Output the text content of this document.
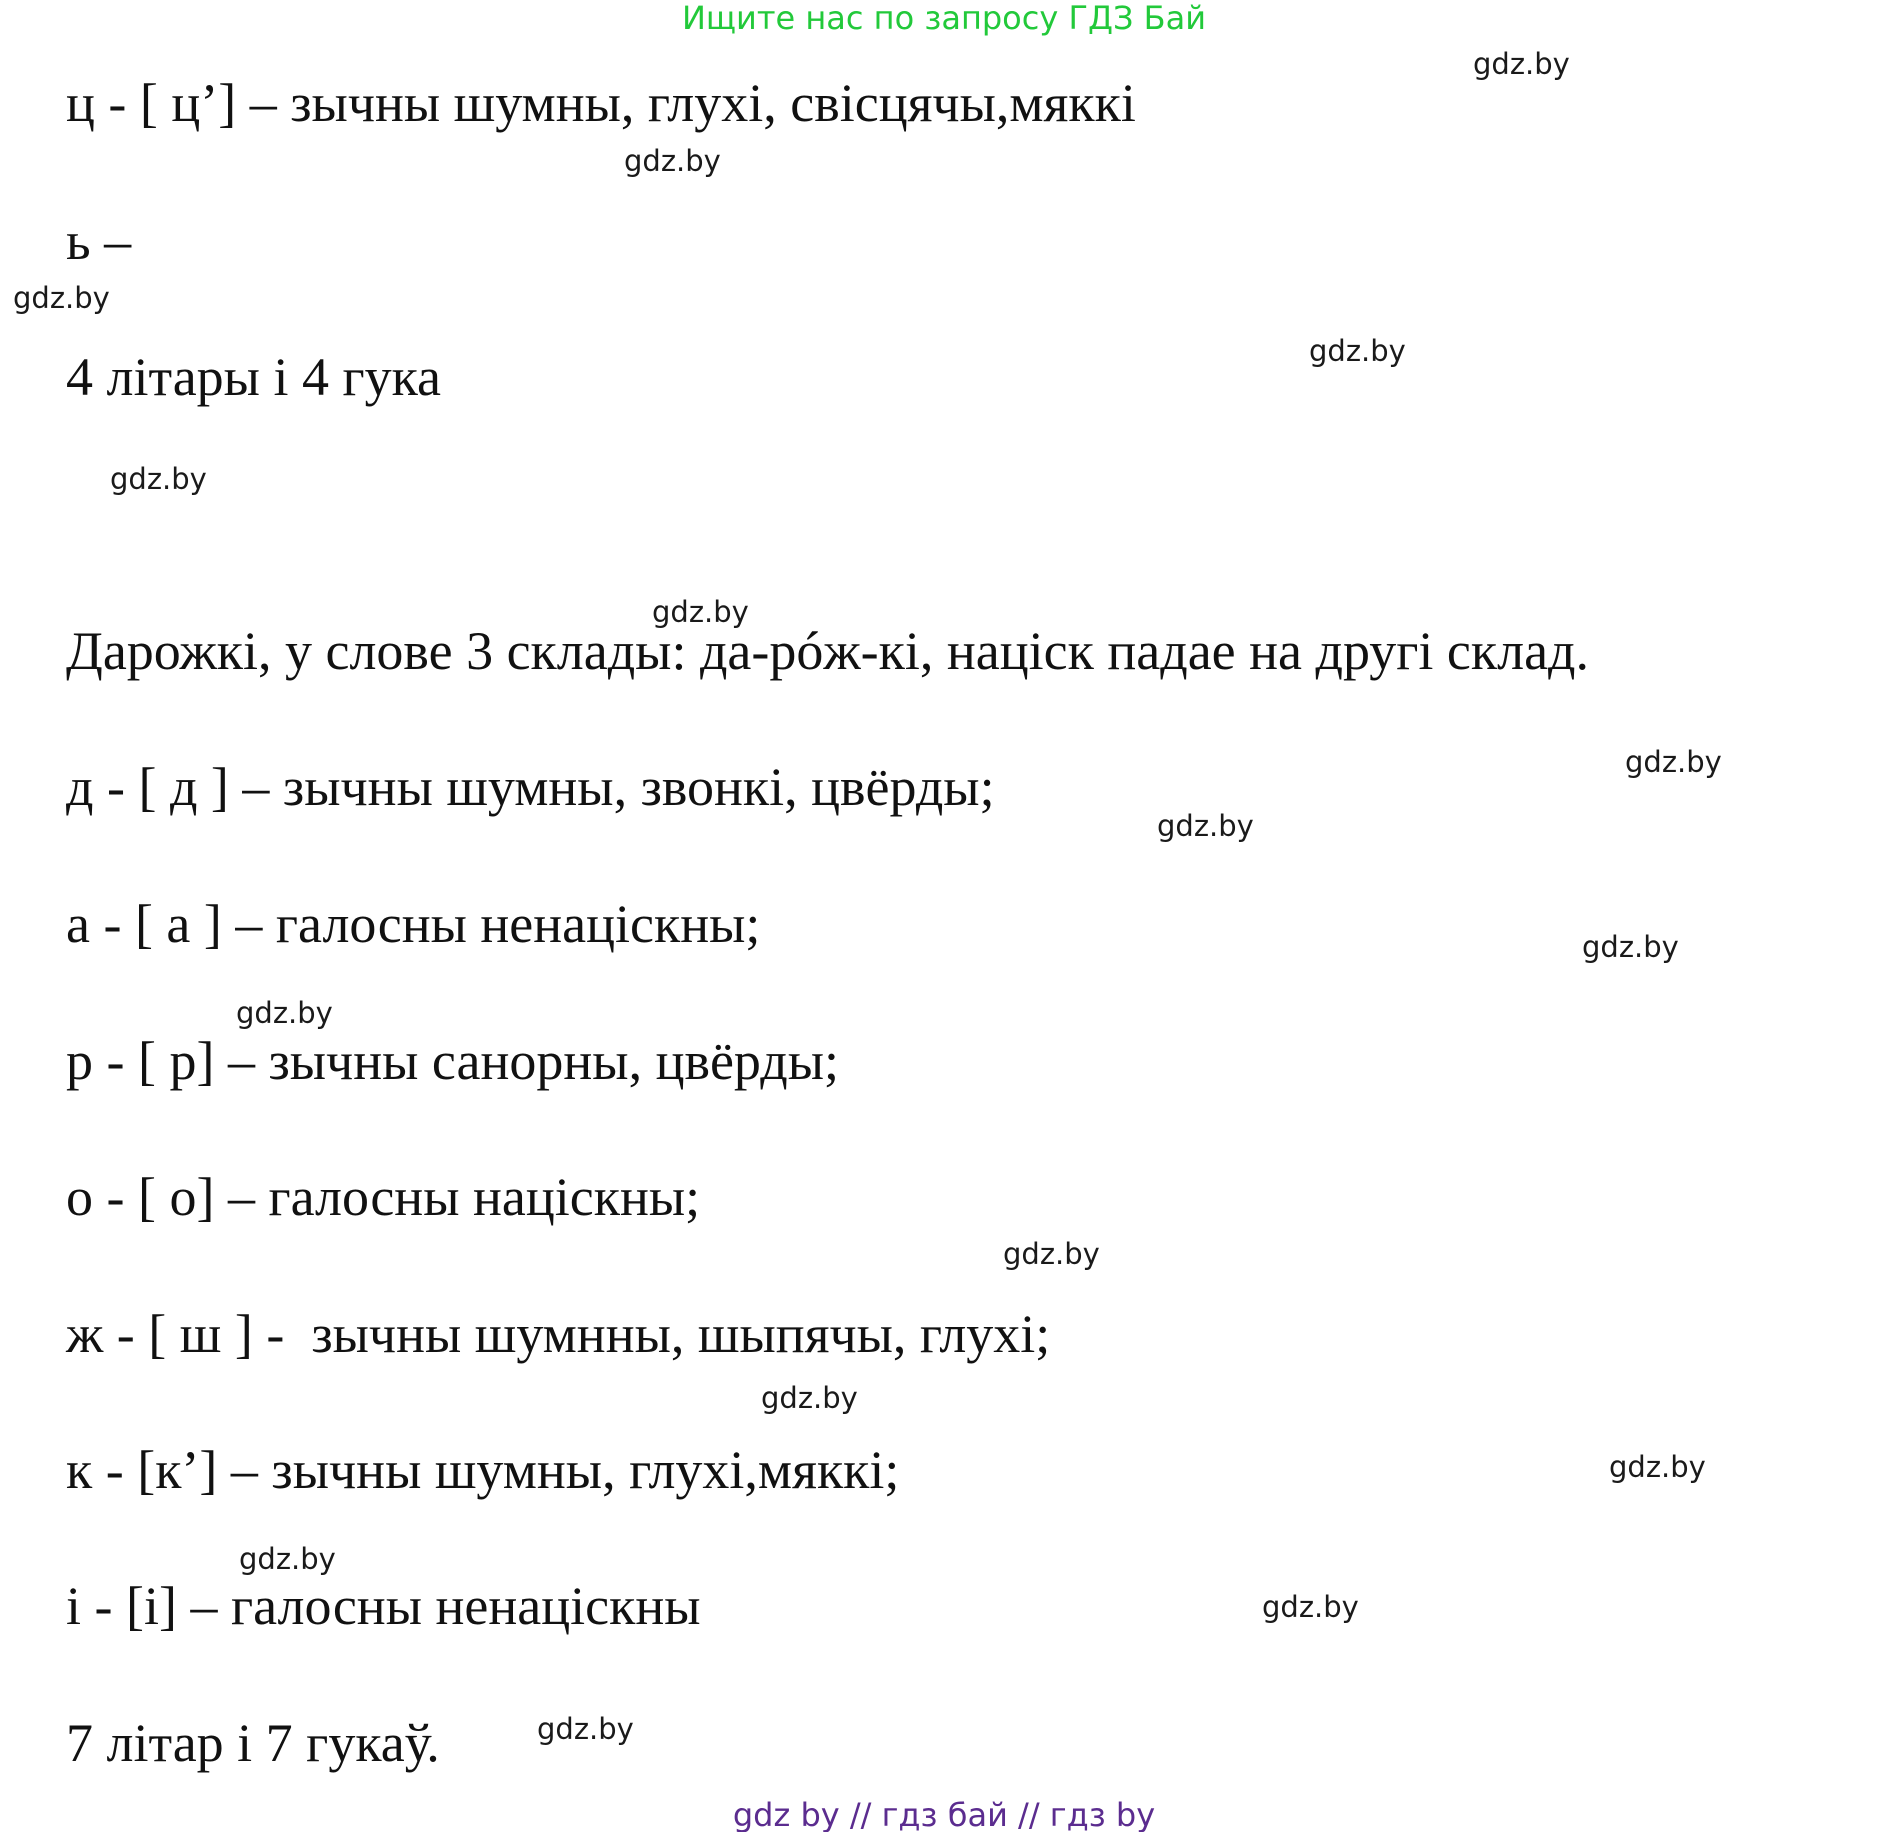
Ищите нас по запросу ГДЗ Бай
ц - [ ц’] – зычны шумны, глухі, свісцячы,мяккі
ь –
4 літары і 4 гука
Дарожкі, у слове 3 склады: да-рóж-кі, націск падае на другі склад.
д - [ д ] – зычны шумны, звонкі, цвёрды;
а - [ а ] – галосны ненаціскны;
р - [ р] – зычны санорны, цвёрды;
о - [ о] – галосны націскны;
ж - [ ш ] -  зычны шумнны, шыпячы, глухі;
к - [к’] – зычны шумны, глухі,мяккі;
і - [і] – галосны ненаціскны
7 літар і 7 гукаў.
gdz.by
gdz.by
gdz.by
gdz.by
gdz.by
gdz.by
gdz.by
gdz.by
gdz.by
gdz.by
gdz.by
gdz.by
gdz.by
gdz.by
gdz.by
gdz.by
gdz by // гдз бай // гдз by
